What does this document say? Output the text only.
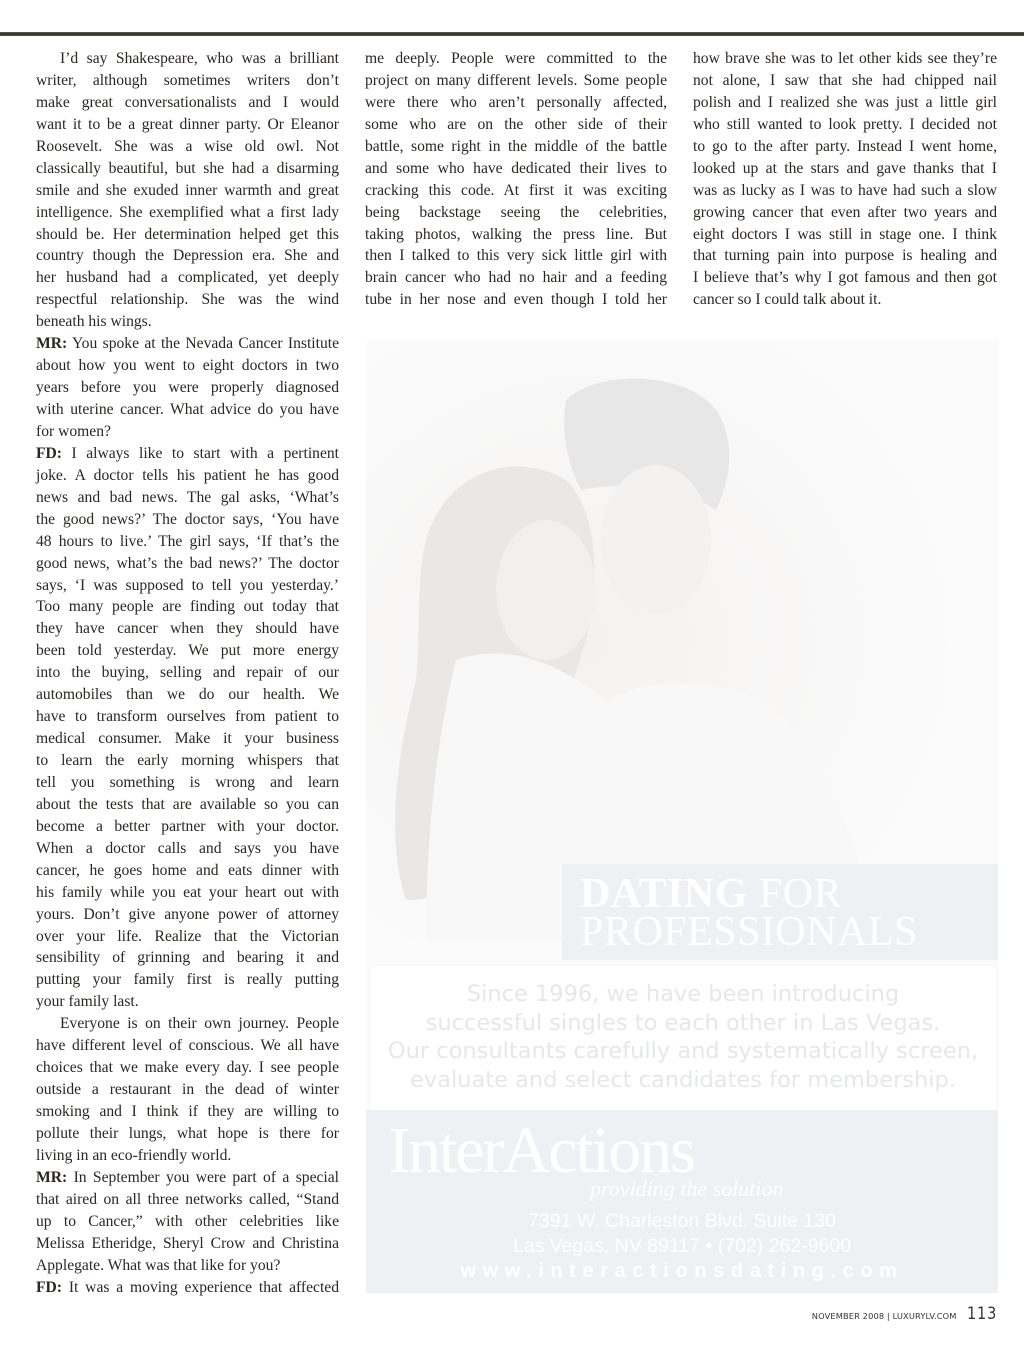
I’d say Shakespeare, who was a brilliant
writer, although sometimes writers don’t
make great conversationalists and I would
want it to be a great dinner party. Or Eleanor
Roosevelt. She was a wise old owl. Not
classically beautiful, but she had a disarming
smile and she exuded inner warmth and great
intelligence. She exemplified what a first lady
should be. Her determination helped get this
country though the Depression era. She and
her husband had a complicated, yet deeply
respectful relationship. She was the wind
beneath his wings.
MR: You spoke at the Nevada Cancer Institute
about how you went to eight doctors in two
years before you were properly diagnosed
with uterine cancer. What advice do you have
for women?
FD: I always like to start with a pertinent
joke. A doctor tells his patient he has good
news and bad news. The gal asks, ‘What’s
the good news?’ The doctor says, ‘You have
48 hours to live.’ The girl says, ‘If that’s the
good news, what’s the bad news?’ The doctor
says, ‘I was supposed to tell you yesterday.’
Too many people are finding out today that
they have cancer when they should have
been told yesterday. We put more energy
into the buying, selling and repair of our
automobiles than we do our health. We
have to transform ourselves from patient to
medical consumer. Make it your business
to learn the early morning whispers that
tell you something is wrong and learn
about the tests that are available so you can
become a better partner with your doctor.
When a doctor calls and says you have
cancer, he goes home and eats dinner with
his family while you eat your heart out with
yours. Don’t give anyone power of attorney
over your life. Realize that the Victorian
sensibility of grinning and bearing it and
putting your family first is really putting
your family last.
Everyone is on their own journey. People
have different level of conscious. We all have
choices that we make every day. I see people
outside a restaurant in the dead of winter
smoking and I think if they are willing to
pollute their lungs, what hope is there for
living in an eco-friendly world.
MR: In September you were part of a special
that aired on all three networks called, “Stand
up to Cancer,” with other celebrities like
Melissa Etheridge, Sheryl Crow and Christina
Applegate. What was that like for you?
FD: It was a moving experience that affected
me deeply. People were committed to the
project on many different levels. Some people
were there who aren’t personally affected,
some who are on the other side of their
battle, some right in the middle of the battle
and some who have dedicated their lives to
cracking this code. At first it was exciting
being backstage seeing the celebrities,
taking photos, walking the press line. But
then I talked to this very sick little girl with
brain cancer who had no hair and a feeding
tube in her nose and even though I told her
how brave she was to let other kids see they’re
not alone, I saw that she had chipped nail
polish and I realized she was just a little girl
who still wanted to look pretty. I decided not
to go to the after party. Instead I went home,
looked up at the stars and gave thanks that I
was as lucky as I was to have had such a slow
growing cancer that even after two years and
eight doctors I was still in stage one. I think
that turning pain into purpose is healing and
I believe that’s why I got famous and then got
cancer so I could talk about it.
DATING FOR
PROFESSIONALS
Since 1996, we have been introducing
successful singles to each other in Las Vegas.
Our consultants carefully and systematically screen,
evaluate and select candidates for membership.
InterActions
providing the solution
7391 W. Charleston Blvd. Suite 130
Las Vegas, NV 89117 • (702) 262-9600
www.interactionsdating.com
NOVEMBER 2008 | LUXURYLV.COM 113
